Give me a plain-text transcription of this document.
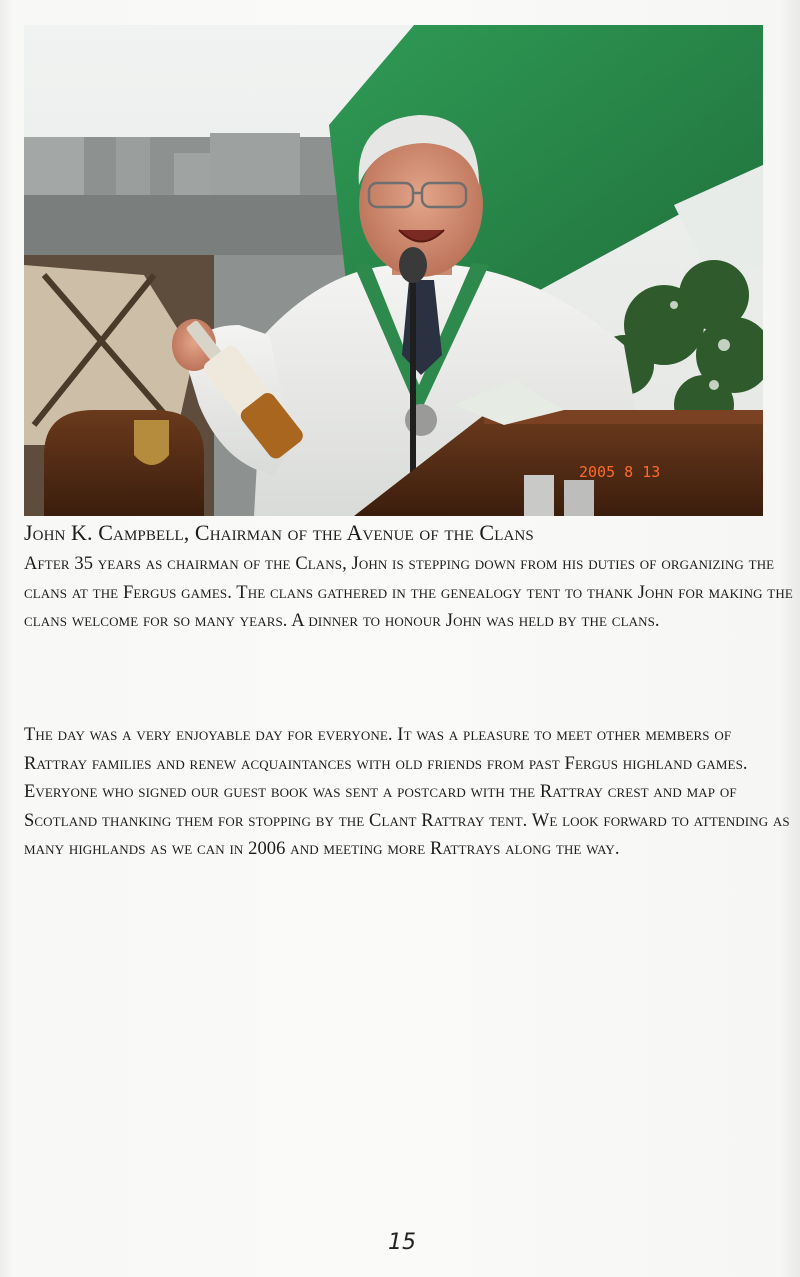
2005 8 13
John K. Campbell, Chairman of the Avenue of the Clans
After 35 years as chairman of the Clans, John is stepping down from his duties of organizing the clans at the Fergus games. The clans gathered in the genealogy tent to thank John for making the clans welcome for so many years. A dinner to honour John was held by the clans.
The day was a very enjoyable day for everyone. It was a pleasure to meet other members of Rattray families and renew acquaintances with old friends from past Fergus highland games. Everyone who signed our guest book was sent a postcard with the Rattray crest and map of Scotland thanking them for stopping by the Clant Rattray tent. We look forward to attending as many highlands as we can in 2006 and meeting more Rattrays along the way.
15
